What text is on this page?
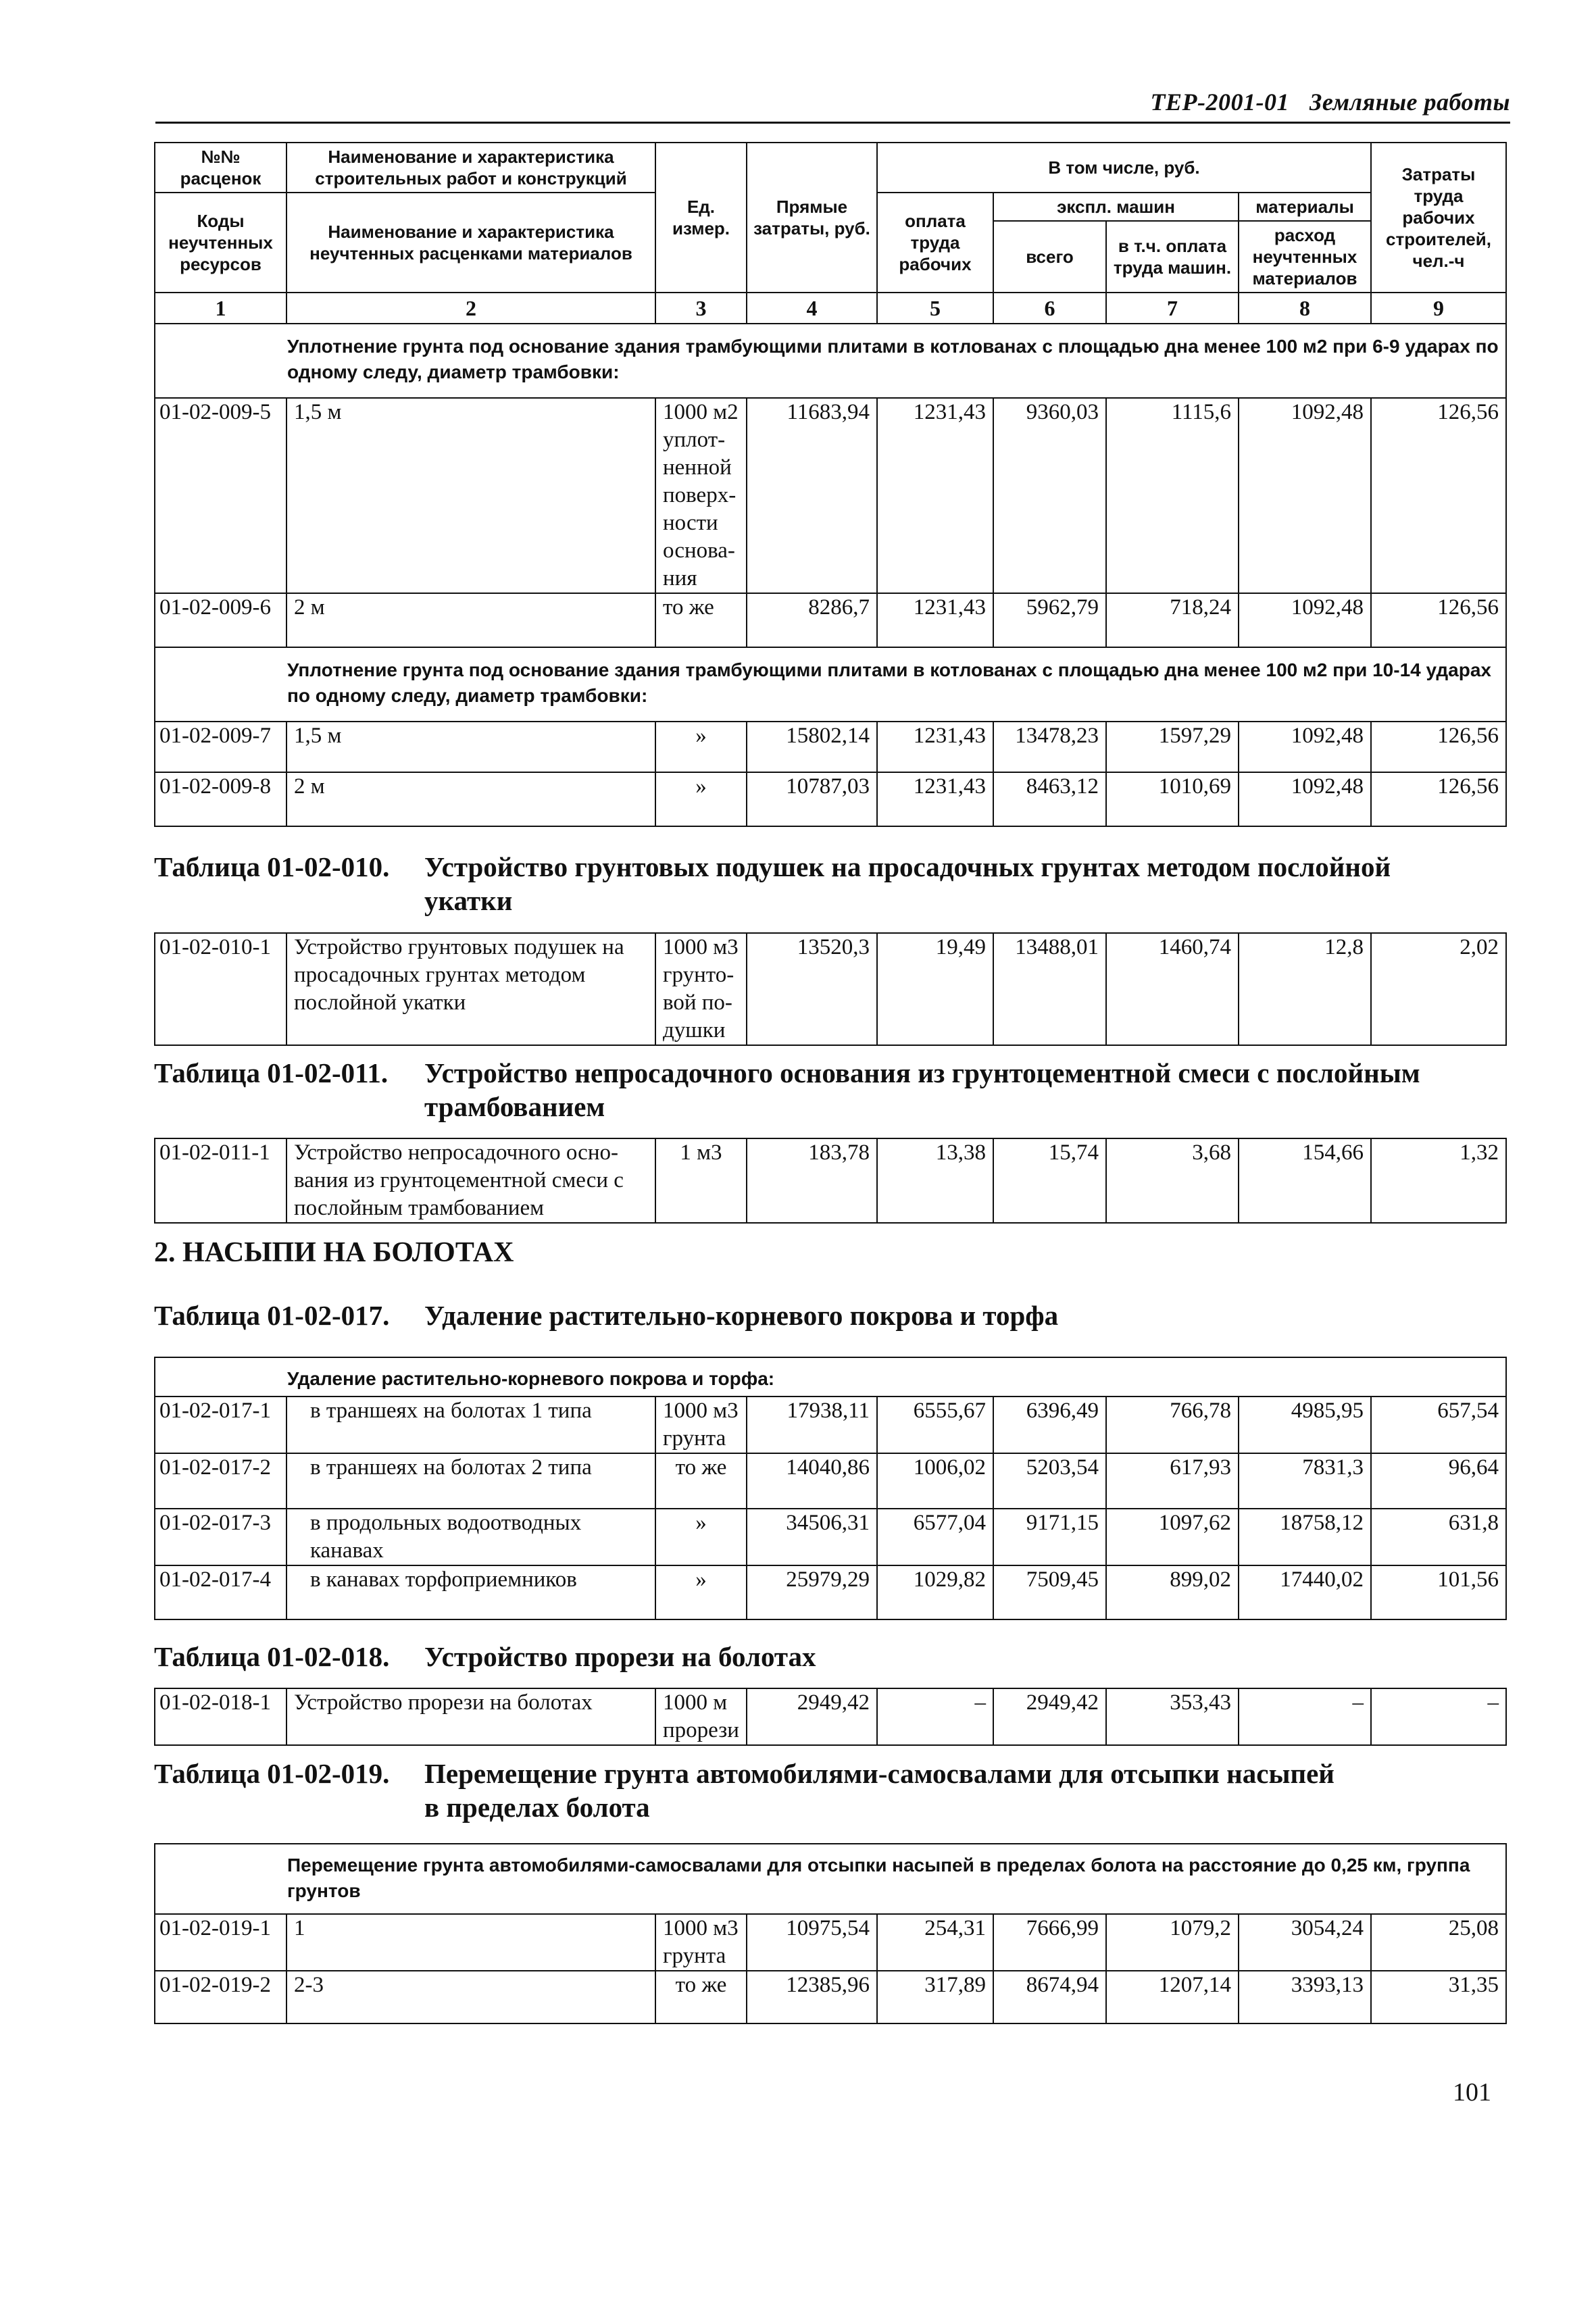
ТЕР-2001-01 Земляные работы
№№ расценок	Наименование и характеристика строительных работ и конструкций	Ед. измер.	Прямые затраты, руб.	В том числе, руб.				Затраты труда рабочих строителей, чел.-ч
Коды неучтенных ресурсов	Наименование и характеристика неучтенных расценками материалов			оплата труда рабочих	экспл. машин		материалы	
					всего	в т.ч. оплата труда машин.	расход неучтенных материалов	

1	2	3	4	5	6	7	8	9
Уплотнение грунта под основание здания трамбующими плитами в котлованах с площадью дна менее 100 м2 при 6-9 ударах по одному следу, диаметр трамбовки:								
01-02-009-5	1,5 м	1000 м2 уплот-ненной поверх-ности основа-ния	11683,94	1231,43	9360,03	1115,6	1092,48	126,56
01-02-009-6	2 м	то же	8286,7	1231,43	5962,79	718,24	1092,48	126,56
Уплотнение грунта под основание здания трамбующими плитами в котлованах с площадью дна менее 100 м2 при 10-14 ударах по одному следу, диаметр трамбовки:								
01-02-009-7	1,5 м	»	15802,14	1231,43	13478,23	1597,29	1092,48	126,56
01-02-009-8	2 м	»	10787,03	1231,43	8463,12	1010,69	1092,48	126,56
Таблица 01-02-010.	Устройство грунтовых подушек на просадочных грунтах методом послойной
укатки
01-02-010-1	Устройство грунтовых подушек на просадочных грунтах методом послойной укатки	1000 м3 грунто-вой по-душки	13520,3	19,49	13488,01	1460,74	12,8	2,02
Таблица 01-02-011.	Устройство непросадочного основания из грунтоцементной смеси с послойным
трамбованием
01-02-011-1	Устройство непросадочного осно-вания из грунтоцементной смеси с послойным трамбованием	1 м3	183,78	13,38	15,74	3,68	154,66	1,32
2. НАСЫПИ НА БОЛОТАХ
Таблица 01-02-017.	Удаление растительно-корневого покрова и торфа
Удаление растительно-корневого покрова и торфа:								
01-02-017-1	в траншеях на болотах 1 типа	1000 м3 грунта	17938,11	6555,67	6396,49	766,78	4985,95	657,54
01-02-017-2	в траншеях на болотах 2 типа	то же	14040,86	1006,02	5203,54	617,93	7831,3	96,64
01-02-017-3	в продольных водоотводных канавах	»	34506,31	6577,04	9171,15	1097,62	18758,12	631,8
01-02-017-4	в канавах торфоприемников	»	25979,29	1029,82	7509,45	899,02	17440,02	101,56
Таблица 01-02-018.	Устройство прорези на болотах
01-02-018-1	Устройство прорези на болотах	1000 м прорези	2949,42	–	2949,42	353,43	–	–
Таблица 01-02-019.	Перемещение грунта автомобилями-самосвалами для отсыпки насыпей
в пределах болота
Перемещение грунта автомобилями-самосвалами для отсыпки насыпей в пределах болота на расстояние до 0,25 км, группа грунтов								
01-02-019-1	1	1000 м3 грунта	10975,54	254,31	7666,99	1079,2	3054,24	25,08
01-02-019-2	2-3	то же	12385,96	317,89	8674,94	1207,14	3393,13	31,35
101
